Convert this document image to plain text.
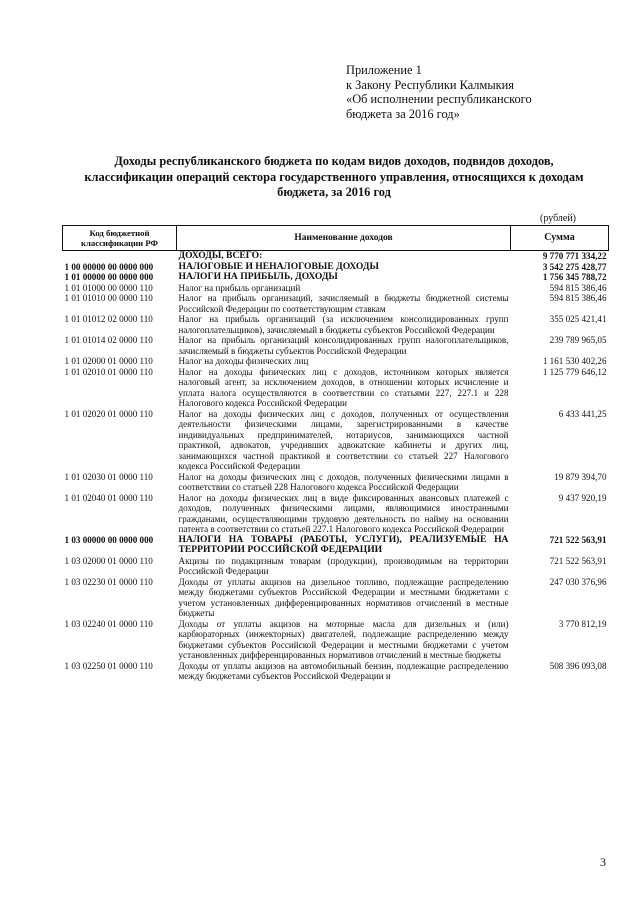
Приложение 1
к Закону Республики Калмыкия
«Об исполнении республиканского
бюджета за 2016 год»
Доходы республиканского бюджета по кодам видов доходов, подвидов доходов, классификации операций сектора государственного управления, относящихся к доходам бюджета, за 2016 год
(рублей)
Код бюджетной классификации РФ	Наименование доходов	Сумма
	ДОХОДЫ, ВСЕГО:	9 770 771 334,22
1 00 00000 00 0000 000	НАЛОГОВЫЕ И НЕНАЛОГОВЫЕ ДОХОДЫ	3 542 275 428,77
1 01 00000 00 0000 000	НАЛОГИ НА ПРИБЫЛЬ, ДОХОДЫ	1 756 345 788,72
1 01 01000 00 0000 110	Налог на прибыль организаций	594 815 386,46
1 01 01010 00 0000 110	Налог на прибыль организаций, зачисляемый в бюджеты бюджетной системы Российской Федерации по соответствующим ставкам	594 815 386,46
1 01 01012 02 0000 110	Налог на прибыль организаций (за исключением консолидированных групп налогоплательщиков), зачисляемый в бюджеты субъектов Российской Федерации	355 025 421,41
1 01 01014 02 0000 110	Налог на прибыль организаций консолидированных групп налогоплательщиков, зачисляемый в бюджеты субъектов Российской Федерации	239 789 965,05
1 01 02000 01 0000 110	Налог на доходы физических лиц	1 161 530 402,26
1 01 02010 01 0000 110	Налог на доходы физических лиц с доходов, источником которых является налоговый агент, за исключением доходов, в отношении которых исчисление и уплата налога осуществляются в соответствии со статьями 227, 227.1 и 228 Налогового кодекса Российской Федерации	1 125 779 646,12
1 01 02020 01 0000 110	Налог на доходы физических лиц с доходов, полученных от осуществления деятельности физическими лицами, зарегистрированными в качестве индивидуальных предпринимателей, нотариусов, занимающихся частной практикой, адвокатов, учредивших адвокатские кабинеты и других лиц, занимающихся частной практикой в соответствии со статьей 227 Налогового кодекса Российской Федерации	6 433 441,25
1 01 02030 01 0000 110	Налог на доходы физических лиц с доходов, полученных физическими лицами в соответствии со статьей 228 Налогового кодекса Российской Федерации	19 879 394,70
1 01 02040 01 0000 110	Налог на доходы физических лиц в виде фиксированных авансовых платежей с доходов, полученных физическими лицами, являющимися иностранными гражданами, осуществляющими трудовую деятельность по найму на основании патента в соответствии со статьей 227.1 Налогового кодекса Российской Федерации	9 437 920,19
1 03 00000 00 0000 000	НАЛОГИ НА ТОВАРЫ (РАБОТЫ, УСЛУГИ), РЕАЛИЗУЕМЫЕ НА ТЕРРИТОРИИ РОССИЙСКОЙ ФЕДЕРАЦИИ	721 522 563,91
1 03 02000 01 0000 110	Акцизы по подакцизным товарам (продукции), производимым на территории Российской Федерации	721 522 563,91
1 03 02230 01 0000 110	Доходы от уплаты акцизов на дизельное топливо, подлежащие распределению между бюджетами субъектов Российской Федерации и местными бюджетами с учетом установленных дифференцированных нормативов отчислений в местные бюджеты	247 030 376,96
1 03 02240 01 0000 110	Доходы от уплаты акцизов на моторные масла для дизельных и (или) карбюраторных (инжекторных) двигателей, подлежащие распределению между бюджетами субъектов Российской Федерации и местными бюджетами с учетом установленных дифференцированных нормативов отчислений в местные бюджеты	3 770 812,19
1 03 02250 01 0000 110	Доходы от уплаты акцизов на автомобильный бензин, подлежащие распределению между бюджетами субъектов Российской Федерации и	508 396 093,08
3
